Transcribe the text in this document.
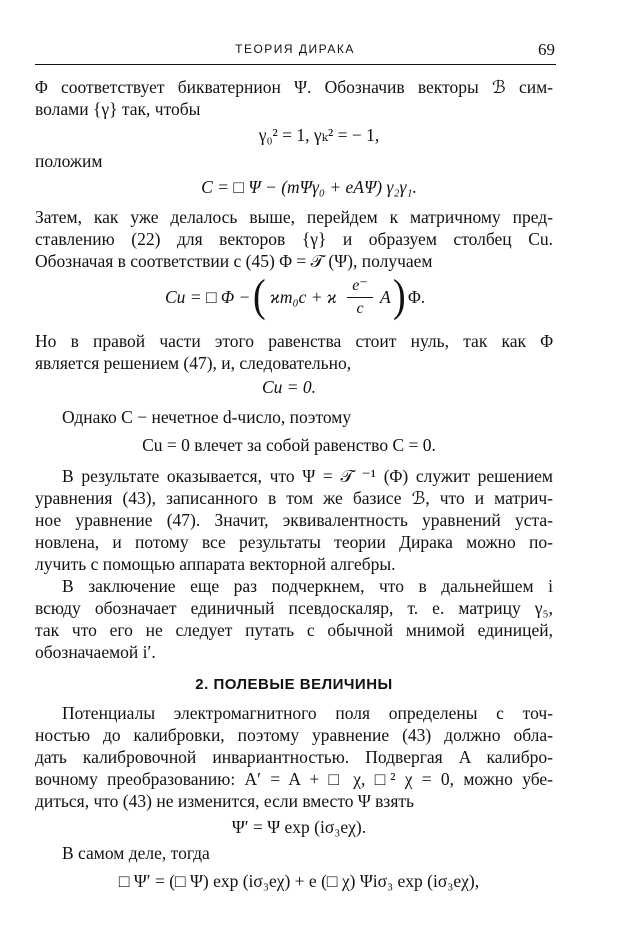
ТЕОРИЯ ДИРАКА	69
Φ соответствует бикватернион Ψ. Обозначив векторы ℬ сим-
волами {γ} так, чтобы
γ₀² = 1, γₖ² = − 1,
положим
C = □ Ψ − (mΨγ₀ + eAΨ) γ₂γ₁.
Затем, как уже делалось выше, перейдем к матричному пред-
ставлению (22) для векторов {γ} и образуем столбец Cu.
Обозначая в соответствии с (45) Φ = 𝒯 (Ψ), получаем
Cu = □ Φ − ( ϰm₀c + ϰ
e⁻
c
A ) Φ.
Но в правой части этого равенства стоит нуль, так как Φ
является решением (47), и, следовательно,
Cu = 0.
Однако C − нечетное d-число, поэтому
Cu = 0 влечет за собой равенство C = 0.
В результате оказывается, что Ψ = 𝒯 ⁻¹ (Φ) служит решением
уравнения (43), записанного в том же базисе ℬ, что и матрич-
ное уравнение (47). Значит, эквивалентность уравнений уста-
новлена, и потому все результаты теории Дирака можно по-
лучить с помощью аппарата векторной алгебры.
В заключение еще раз подчеркнем, что в дальнейшем i
всюду обозначает единичный псевдоскаляр, т. е. матрицу γ₅,
так что его не следует путать с обычной мнимой единицей,
обозначаемой i′.
2. ПОЛЕВЫЕ ВЕЛИЧИНЫ
Потенциалы электромагнитного поля определены с точ-
ностью до калибровки, поэтому уравнение (43) должно обла-
дать калибровочной инвариантностью. Подвергая A калибро-
вочному преобразованию: A′ = A + □ χ, □² χ = 0, можно убе-
диться, что (43) не изменится, если вместо Ψ взять
Ψ′ = Ψ exp (iσ₃eχ).
В самом деле, тогда
□ Ψ′ = (□ Ψ) exp (iσ₃eχ) + e (□ χ) Ψiσ₃ exp (iσ₃eχ),
